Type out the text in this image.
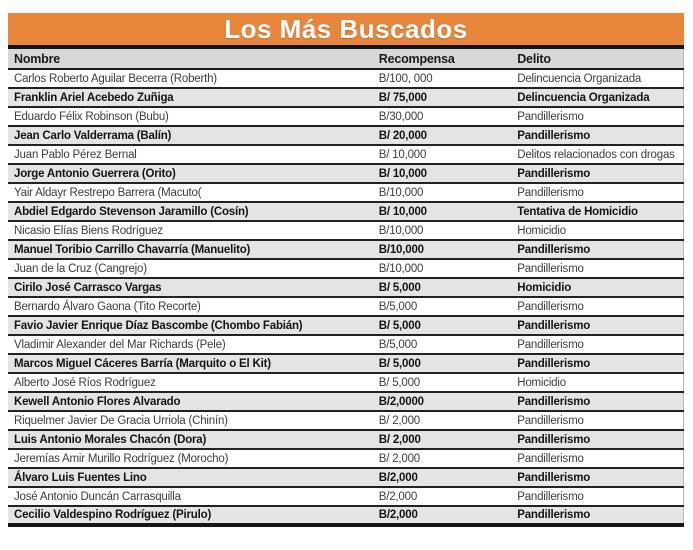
Los Más Buscados
Nombre	Recompensa	Delito
Carlos Roberto Aguilar Becerra (Roberth)	B/100, 000	Delincuencia Organizada
Franklin Ariel Acebedo Zuñiga	B/ 75,000	Delincuencia Organizada
Eduardo Félix Robinson (Bubu)	B/30,000	Pandillerismo
Jean Carlo Valderrama (Balín)	B/ 20,000	Pandillerismo
Juan Pablo Pérez Bernal	B/ 10,000	Delitos relacionados con drogas
Jorge Antonio Guerrera (Orito)	B/ 10,000	Pandillerismo
Yair Aldayr Restrepo Barrera (Macuto(	B/10,000	Pandillerismo
Abdiel Edgardo Stevenson Jaramillo (Cosín)	B/ 10,000	Tentativa de Homicidio
Nicasio Elías Biens Rodríguez	B/10,000	Homicidio
Manuel Toribio Carrillo Chavarría (Manuelito)	B/10,000	Pandillerismo
Juan de la Cruz (Cangrejo)	B/10,000	Pandillerismo
Cirilo José Carrasco Vargas	B/ 5,000	Homicidio
Bernardo Álvaro Gaona (Tito Recorte)	B/5,000	Pandillerismo
Favio Javier Enrique Díaz Bascombe (Chombo Fabián)	B/ 5,000	Pandillerismo
Vladimir Alexander del Mar Richards (Pele)	B/5,000	Pandillerismo
Marcos Miguel Cáceres Barría (Marquito o El Kit)	B/ 5,000	Pandillerismo
Alberto José Ríos Rodríguez	B/ 5,000	Homicidio
Kewell Antonio Flores Alvarado	B/2,0000	Pandillerismo
Riquelmer Javier De Gracia Urriola (Chinín)	B/ 2,000	Pandillerismo
Luis Antonio Morales Chacón (Dora)	B/ 2,000	Pandillerismo
Jeremías Amir Murillo Rodríguez (Morocho)	B/ 2,000	Pandillerismo
Álvaro Luis Fuentes Lino	B/2,000	Pandillerismo
José Antonio Duncán Carrasquilla	B/2,000	Pandillerismo
Cecilio Valdespino Rodríguez (Pirulo)	B/2,000	Pandillerismo
